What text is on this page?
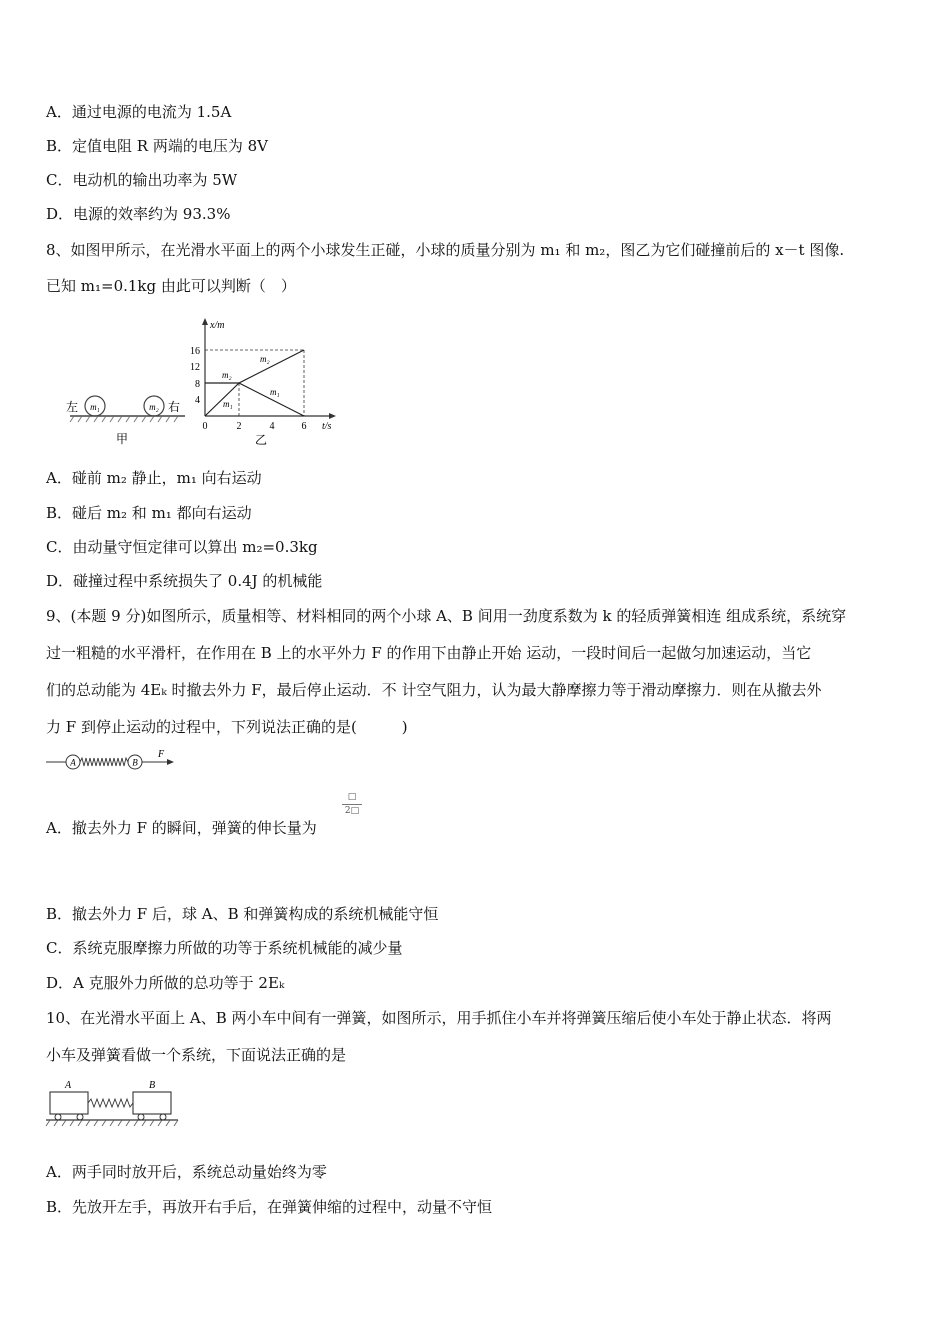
A．通过电源的电流为 1.5A
B．定值电阻 R 两端的电压为 8V
C．电动机的输出功率为 5W
D．电源的效率约为 93.3%
8、如图甲所示，在光滑水平面上的两个小球发生正碰，小球的质量分别为 m₁ 和 m₂，图乙为它们碰撞前后的 x－t 图像.
已知 m₁=0.1kg 由此可以判断（　）
m₁	m₂
左	右
甲
x/m
t/s
16
12
8
4
0	2	4	6
m₂
m₂
m₁
m₁
乙
A．碰前 m₂ 静止，m₁ 向右运动
B．碰后 m₂ 和 m₁ 都向右运动
C．由动量守恒定律可以算出 m₂=0.3kg
D．碰撞过程中系统损失了 0.4J 的机械能
9、(本题 9 分)如图所示，质量相等、材料相同的两个小球 A、B 间用一劲度系数为 k 的轻质弹簧相连 组成系统，系统穿
过一粗糙的水平滑杆，在作用在 B 上的水平外力 F 的作用下由静止开始 运动，一段时间后一起做匀加速运动，当它
们的总动能为 4Eₖ 时撤去外力 F，最后停止运动．不 计空气阻力，认为最大静摩擦力等于滑动摩擦力．则在从撤去外
力 F 到停止运动的过程中，下列说法正确的是(　　　)
A	B
F
A．撤去外力 F 的瞬间，弹簧的伸长量为
□
2□
B．撤去外力 F 后，球 A、B 和弹簧构成的系统机械能守恒
C．系统克服摩擦力所做的功等于系统机械能的减少量
D．A 克服外力所做的总功等于 2Eₖ
10、在光滑水平面上 A、B 两小车中间有一弹簧，如图所示，用手抓住小车并将弹簧压缩后使小车处于静止状态．将两
小车及弹簧看做一个系统，下面说法正确的是
A	B
A．两手同时放开后，系统总动量始终为零
B．先放开左手，再放开右手后，在弹簧伸缩的过程中，动量不守恒
